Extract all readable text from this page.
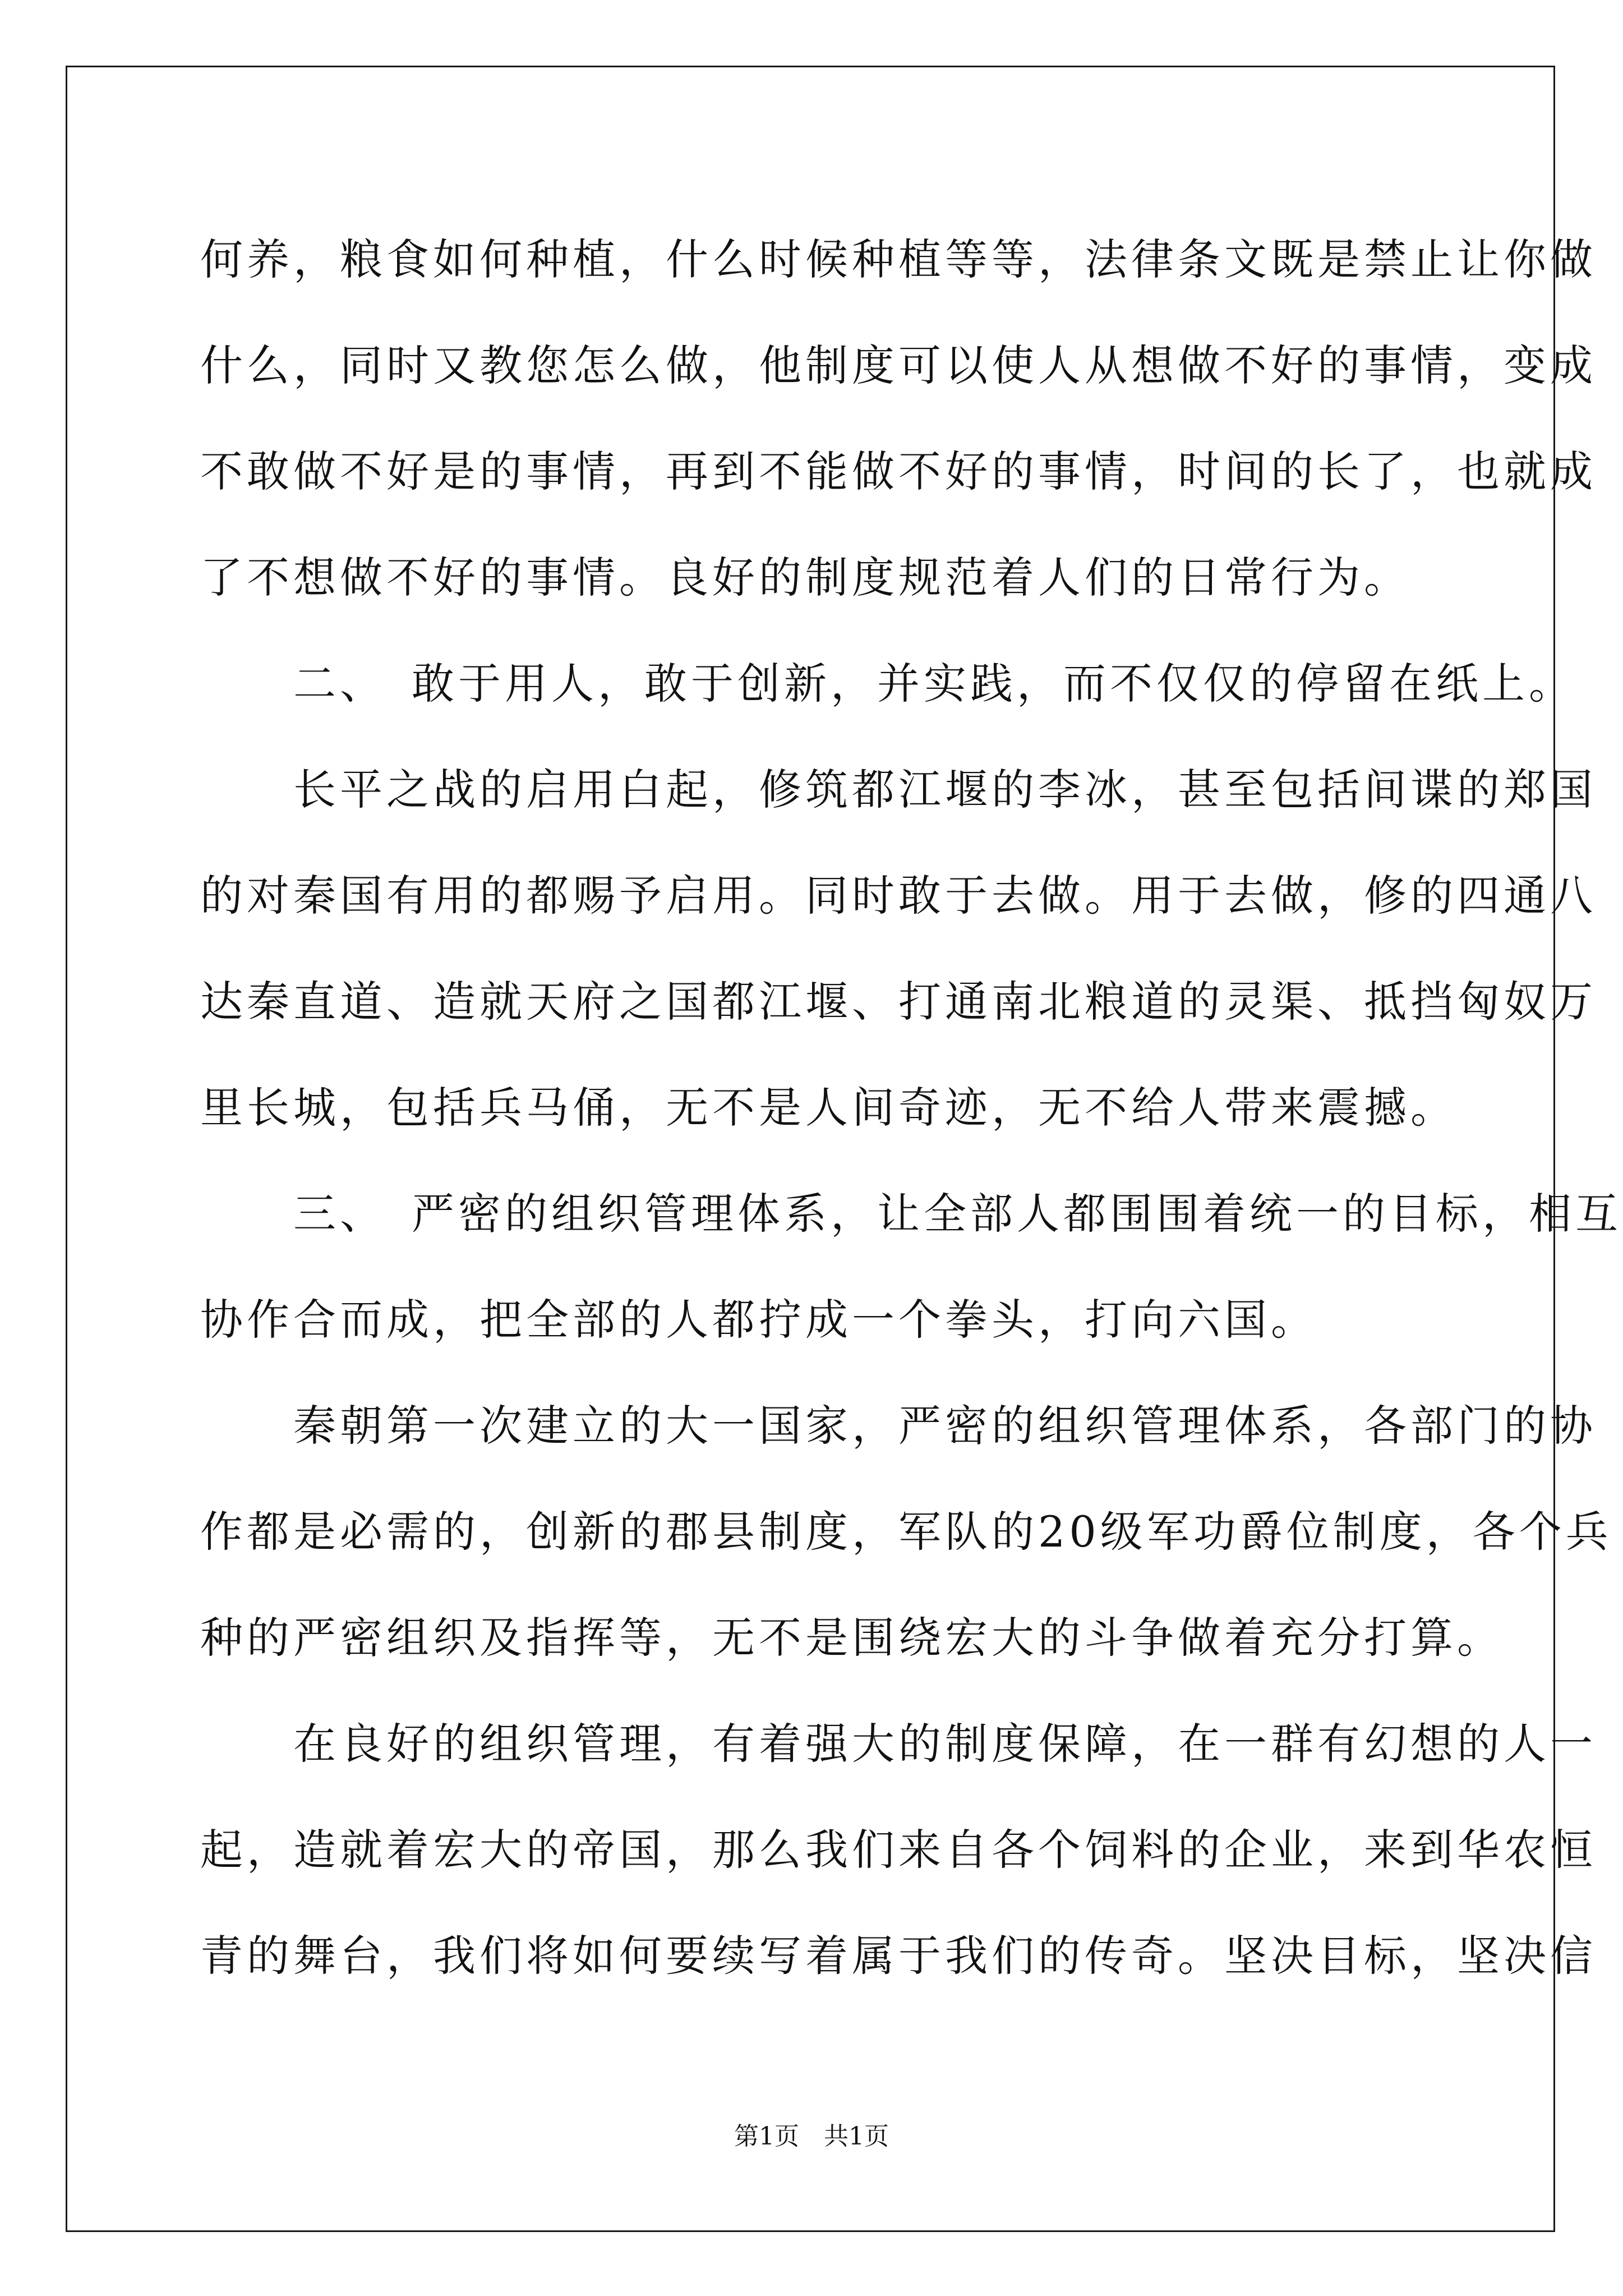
何养，粮食如何种植，什么时候种植等等，法律条文既是禁止让你做
什么，同时又教您怎么做，他制度可以使人从想做不好的事情，变成
不敢做不好是的事情，再到不能做不好的事情，时间的长了，也就成
了不想做不好的事情。良好的制度规范着人们的日常行为。
　　二、　敢于用人，敢于创新，并实践，而不仅仅的停留在纸上。
　　长平之战的启用白起，修筑都江堰的李冰，甚至包括间谍的郑国
的对秦国有用的都赐予启用。同时敢于去做。用于去做，修的四通八
达秦直道、造就天府之国都江堰、打通南北粮道的灵渠、抵挡匈奴万
里长城，包括兵马俑，无不是人间奇迹，无不给人带来震撼。
　　三、　严密的组织管理体系，让全部人都围围着统一的目标，相互
协作合而成，把全部的人都拧成一个拳头，打向六国。
　　秦朝第一次建立的大一国家，严密的组织管理体系，各部门的协
作都是必需的，创新的郡县制度，军队的20级军功爵位制度，各个兵
种的严密组织及指挥等，无不是围绕宏大的斗争做着充分打算。
　　在良好的组织管理，有着强大的制度保障，在一群有幻想的人一
起，造就着宏大的帝国，那么我们来自各个饲料的企业，来到华农恒
青的舞台，我们将如何要续写着属于我们的传奇。坚决目标，坚决信
第1页　共1页
